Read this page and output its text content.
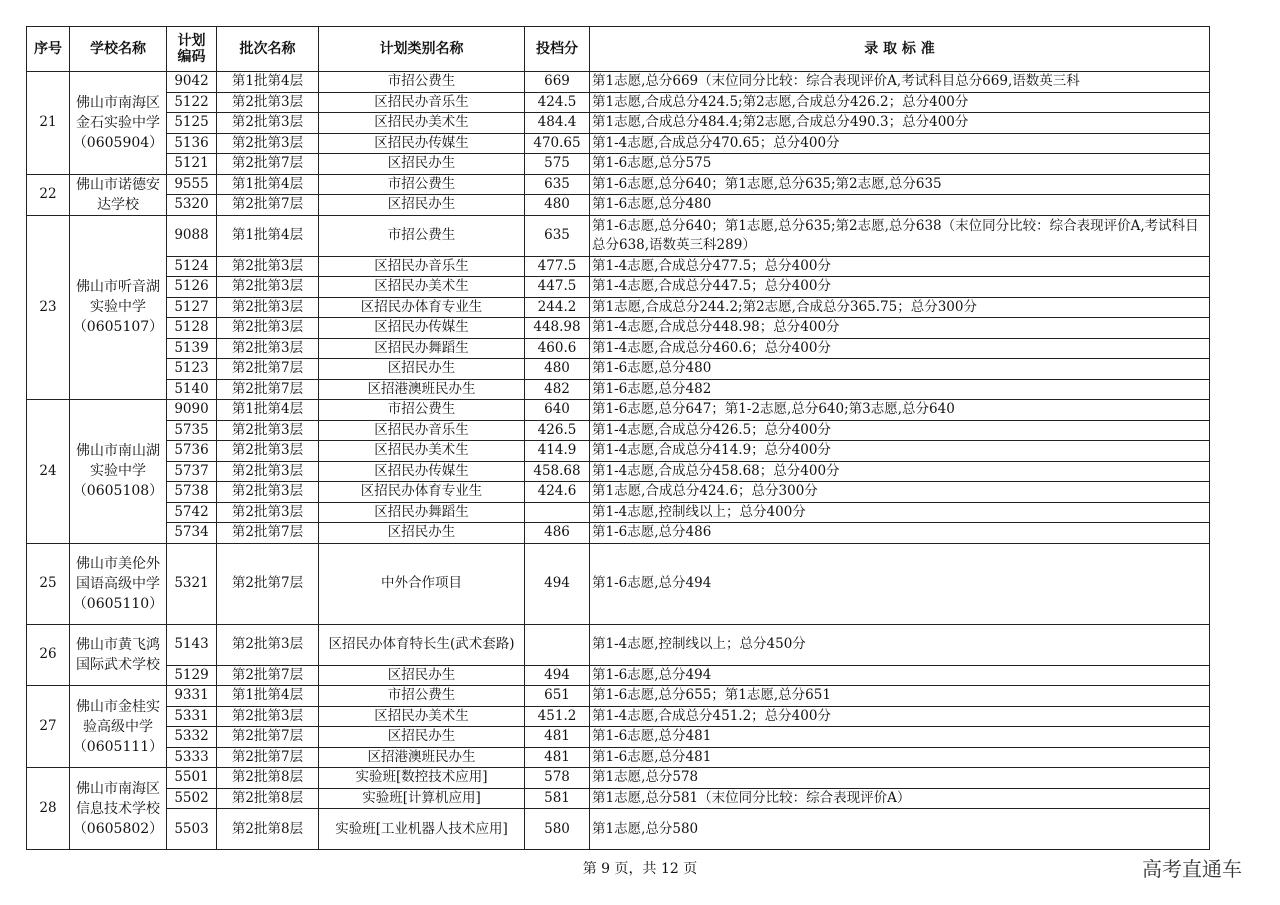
序号	学校名称	计划编码	批次名称	计划类别名称	投档分	录 取 标 准
21	佛山市南海区金石实验中学（0605904）	9042	第1批第4层	市招公费生	669	第1志愿,总分669（末位同分比较：综合表现评价A,考试科目总分669,语数英三科
		5122	第2批第3层	区招民办音乐生	424.5	第1志愿,合成总分424.5;第2志愿,合成总分426.2；总分400分
		5125	第2批第3层	区招民办美术生	484.4	第1志愿,合成总分484.4;第2志愿,合成总分490.3；总分400分
		5136	第2批第3层	区招民办传媒生	470.65	第1-4志愿,合成总分470.65；总分400分
		5121	第2批第7层	区招民办生	575	第1-6志愿,总分575
22	佛山市诺德安达学校	9555	第1批第4层	市招公费生	635	第1-6志愿,总分640；第1志愿,总分635;第2志愿,总分635
		5320	第2批第7层	区招民办生	480	第1-6志愿,总分480
23	佛山市听音湖实验中学（0605107）	9088	第1批第4层	市招公费生	635	第1-6志愿,总分640；第1志愿,总分635;第2志愿,总分638（末位同分比较：综合表现评价A,考试科目总分638,语数英三科289）
		5124	第2批第3层	区招民办音乐生	477.5	第1-4志愿,合成总分477.5；总分400分
		5126	第2批第3层	区招民办美术生	447.5	第1-4志愿,合成总分447.5；总分400分
		5127	第2批第3层	区招民办体育专业生	244.2	第1志愿,合成总分244.2;第2志愿,合成总分365.75；总分300分
		5128	第2批第3层	区招民办传媒生	448.98	第1-4志愿,合成总分448.98；总分400分
		5139	第2批第3层	区招民办舞蹈生	460.6	第1-4志愿,合成总分460.6；总分400分
		5123	第2批第7层	区招民办生	480	第1-6志愿,总分480
		5140	第2批第7层	区招港澳班民办生	482	第1-6志愿,总分482
24	佛山市南山湖实验中学（0605108）	9090	第1批第4层	市招公费生	640	第1-6志愿,总分647；第1-2志愿,总分640;第3志愿,总分640
		5735	第2批第3层	区招民办音乐生	426.5	第1-4志愿,合成总分426.5；总分400分
		5736	第2批第3层	区招民办美术生	414.9	第1-4志愿,合成总分414.9；总分400分
		5737	第2批第3层	区招民办传媒生	458.68	第1-4志愿,合成总分458.68；总分400分
		5738	第2批第3层	区招民办体育专业生	424.6	第1志愿,合成总分424.6；总分300分
		5742	第2批第3层	区招民办舞蹈生		第1-4志愿,控制线以上；总分400分
		5734	第2批第7层	区招民办生	486	第1-6志愿,总分486
25	佛山市美伦外国语高级中学（0605110）	5321	第2批第7层	中外合作项目	494	第1-6志愿,总分494
26	佛山市黄飞鸿国际武术学校	5143	第2批第3层	区招民办体育特长生(武术套路)		第1-4志愿,控制线以上；总分450分
		5129	第2批第7层	区招民办生	494	第1-6志愿,总分494
27	佛山市金桂实验高级中学（0605111）	9331	第1批第4层	市招公费生	651	第1-6志愿,总分655；第1志愿,总分651
		5331	第2批第3层	区招民办美术生	451.2	第1-4志愿,合成总分451.2；总分400分
		5332	第2批第7层	区招民办生	481	第1-6志愿,总分481
		5333	第2批第7层	区招港澳班民办生	481	第1-6志愿,总分481
28	佛山市南海区信息技术学校（0605802）	5501	第2批第8层	实验班[数控技术应用]	578	第1志愿,总分578
		5502	第2批第8层	实验班[计算机应用]	581	第1志愿,总分581（末位同分比较：综合表现评价A）
		5503	第2批第8层	实验班[工业机器人技术应用]	580	第1志愿,总分580
第 9 页，共 12 页	高考直通车
